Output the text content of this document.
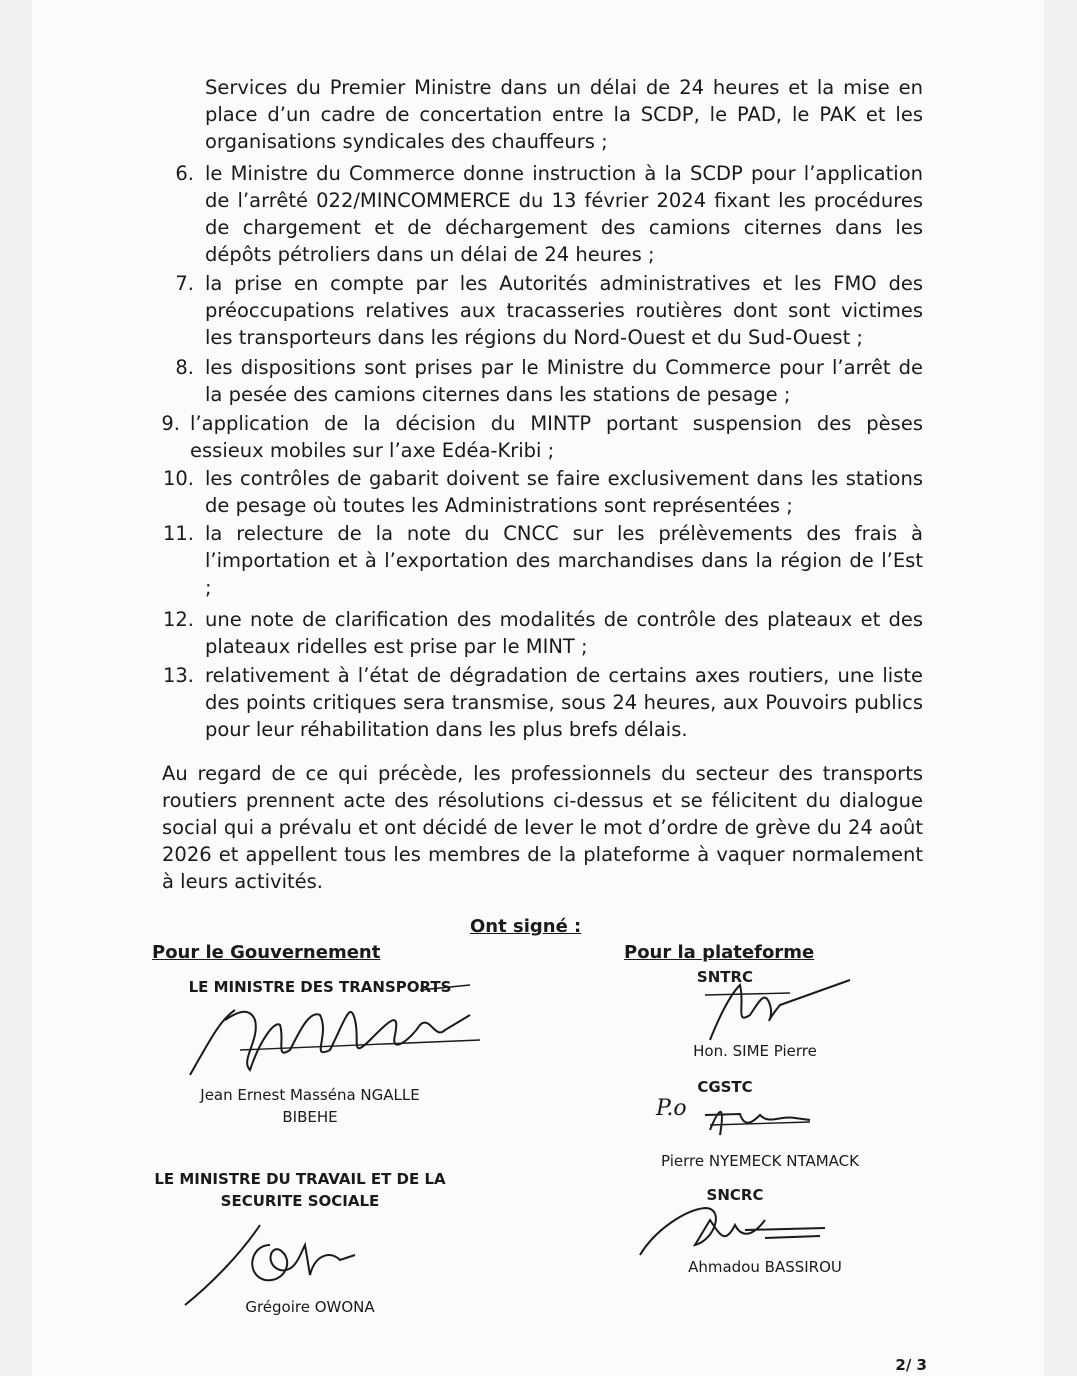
Services du Premier Ministre dans un délai de 24 heures et la mise en place d’un cadre de concertation entre la SCDP, le PAD, le PAK et les organisations syndicales des chauffeurs ;
6. le Ministre du Commerce donne instruction à la SCDP pour l’application de l’arrêté 022/MINCOMMERCE du 13 février 2024 fixant les procédures de chargement et de déchargement des camions citernes dans les dépôts pétroliers dans un délai de 24 heures ;
7. la prise en compte par les Autorités administratives et les FMO des préoccupations relatives aux tracasseries routières dont sont victimes les transporteurs dans les régions du Nord-Ouest et du Sud-Ouest ;
8. les dispositions sont prises par le Ministre du Commerce pour l’arrêt de la pesée des camions citernes dans les stations de pesage ;
9. l’application de la décision du MINTP portant suspension des pèses essieux mobiles sur l’axe Edéa-Kribi ;
10. les contrôles de gabarit doivent se faire exclusivement dans les stations de pesage où toutes les Administrations sont représentées ;
11. la relecture de la note du CNCC sur les prélèvements des frais à l’importation et à l’exportation des marchandises dans la région de l’Est ;
12. une note de clarification des modalités de contrôle des plateaux et des plateaux ridelles est prise par le MINT ;
13. relativement à l’état de dégradation de certains axes routiers, une liste des points critiques sera transmise, sous 24 heures, aux Pouvoirs publics pour leur réhabilitation dans les plus brefs délais.
Au regard de ce qui précède, les professionnels du secteur des transports routiers prennent acte des résolutions ci-dessus et se félicitent du dialogue social qui a prévalu et ont décidé de lever le mot d’ordre de grève du 24 août 2026 et appellent tous les membres de la plateforme à vaquer normalement à leurs activités.
Ont signé :
Pour le Gouvernement	Pour la plateforme
LE MINISTRE DES TRANSPORTS
Jean Ernest Masséna NGALLE
BIBEHE
LE MINISTRE DU TRAVAIL ET DE LA
SECURITE SOCIALE
Grégoire OWONA
SNTRC
Hon. SIME Pierre
CGSTC
P.o
Pierre NYEMECK NTAMACK
SNCRC
Ahmadou BASSIROU
2/ 3
